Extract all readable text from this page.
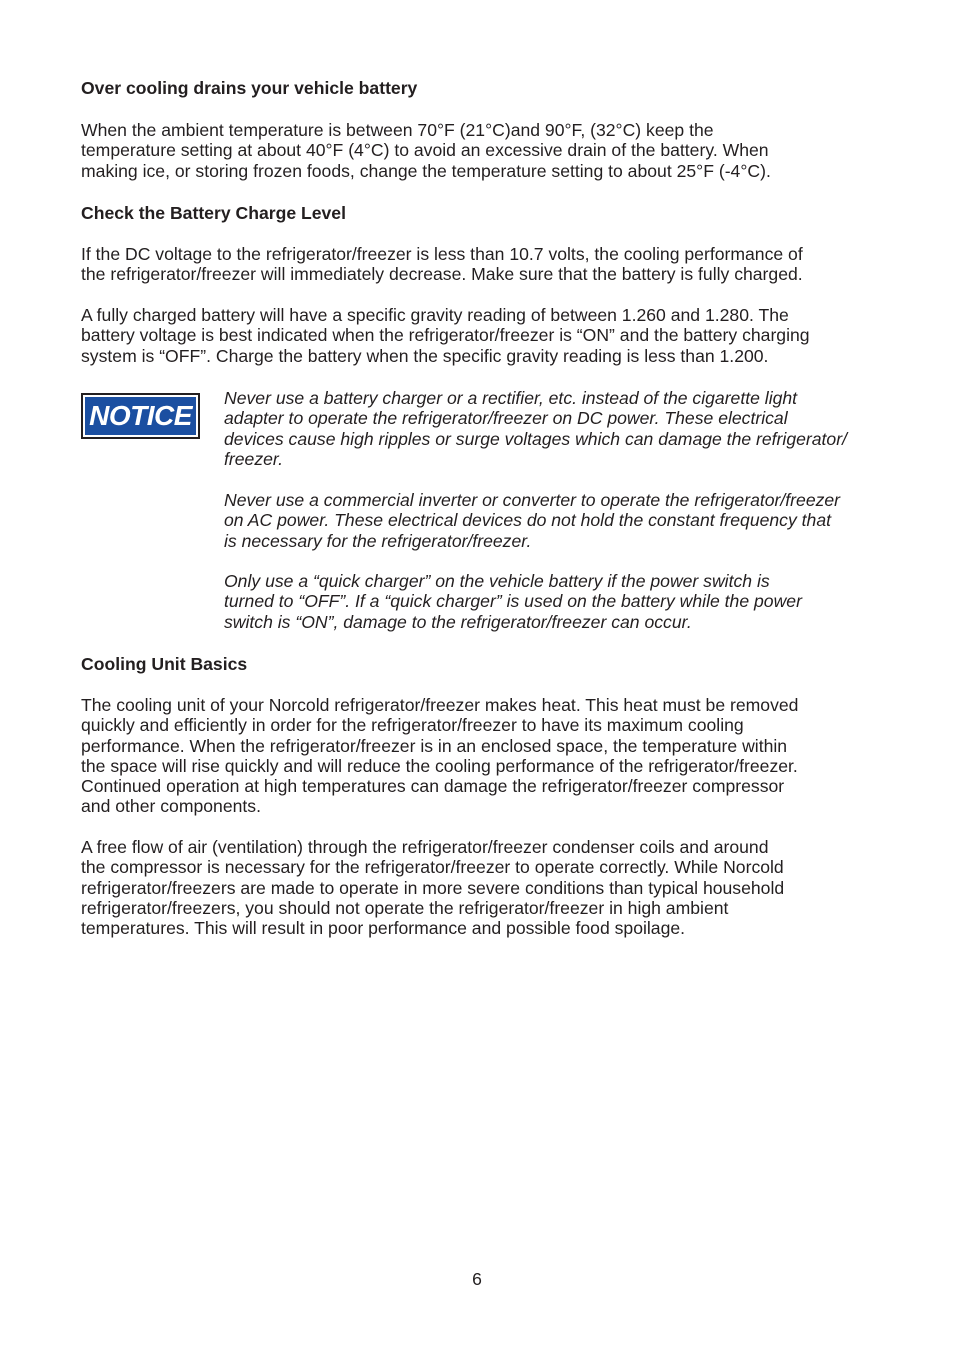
Over cooling drains your vehicle battery

When the ambient temperature is between 70°F (21°C)and 90°F, (32°C) keep the
temperature setting at about 40°F (4°C) to avoid an excessive drain of the battery. When
making ice, or storing frozen foods, change the temperature setting to about 25°F (-4°C).

Check the Battery Charge Level

If the DC voltage to the refrigerator/freezer is less than 10.7 volts, the cooling performance of
the refrigerator/freezer will immediately decrease. Make sure that the battery is fully charged.

A fully charged battery will have a specific gravity reading of between 1.260 and 1.280. The
battery voltage is best indicated when the refrigerator/freezer is “ON” and the battery charging
system is “OFF”. Charge the battery when the specific gravity reading is less than 1.200.

NOTICE

Never use a battery charger or a rectifier, etc. instead of the cigarette light
adapter to operate the refrigerator/freezer on DC power. These electrical
devices cause high ripples or surge voltages which can damage the refrigerator/
freezer.

Never use a commercial inverter or converter to operate the refrigerator/freezer
on AC power. These electrical devices do not hold the constant frequency that
is necessary for the refrigerator/freezer.

Only use a “quick charger” on the vehicle battery if the power switch is
turned to “OFF”. If a “quick charger” is used on the battery while the power
switch is “ON”, damage to the refrigerator/freezer can occur.

Cooling Unit Basics

The cooling unit of your Norcold refrigerator/freezer makes heat. This heat must be removed
quickly and efficiently in order for the refrigerator/freezer to have its maximum cooling
performance. When the refrigerator/freezer is in an enclosed space, the temperature within
the space will rise quickly and will reduce the cooling performance of the refrigerator/freezer.
Continued operation at high temperatures can damage the refrigerator/freezer compressor
and other components.

A free flow of air (ventilation) through the refrigerator/freezer condenser coils and around
the compressor is necessary for the refrigerator/freezer to operate correctly. While Norcold
refrigerator/freezers are made to operate in more severe conditions than typical household
refrigerator/freezers, you should not operate the refrigerator/freezer in high ambient
temperatures. This will result in poor performance and possible food spoilage.

6
